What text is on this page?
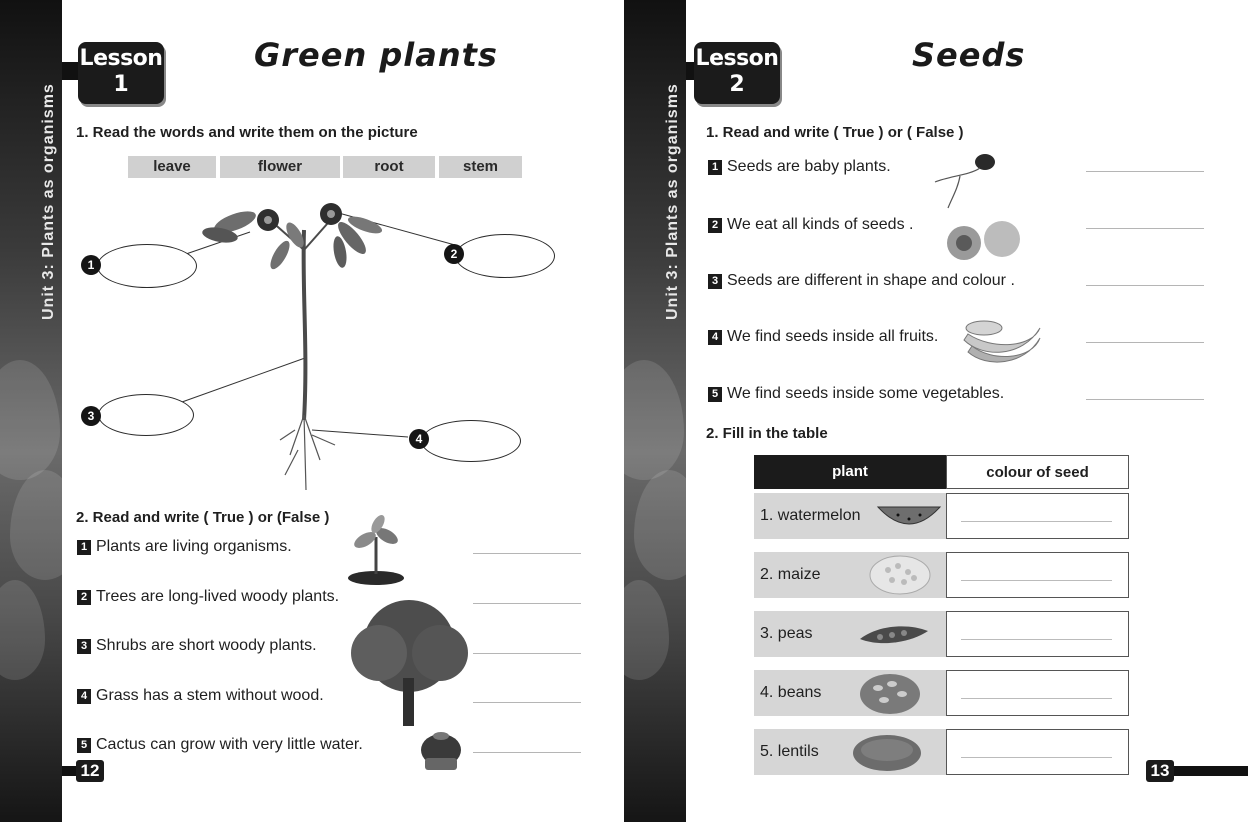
Unit 3: Plants as organisms
Lesson
1
Green plants
1. Read the words and write them on the picture
leave	flower	root	stem
1
2
3
4
2. Read and write ( True ) or (False )
1 Plants are living organisms.
2 Trees are long-lived woody plants.
3 Shrubs are short woody plants.
4 Grass has a stem without wood.
5 Cactus can grow with very little water.
12
Unit 3: Plants as organisms
Lesson
2
Seeds
1. Read and write ( True ) or ( False )
1 Seeds are baby plants.
2 We eat all kinds of seeds .
3 Seeds are different in shape and colour .
4 We find seeds inside all fruits.
5 We find seeds inside some vegetables.
2. Fill in the table
plant	colour of seed
1. watermelon
2. maize
3. peas
4. beans
5. lentils
13
